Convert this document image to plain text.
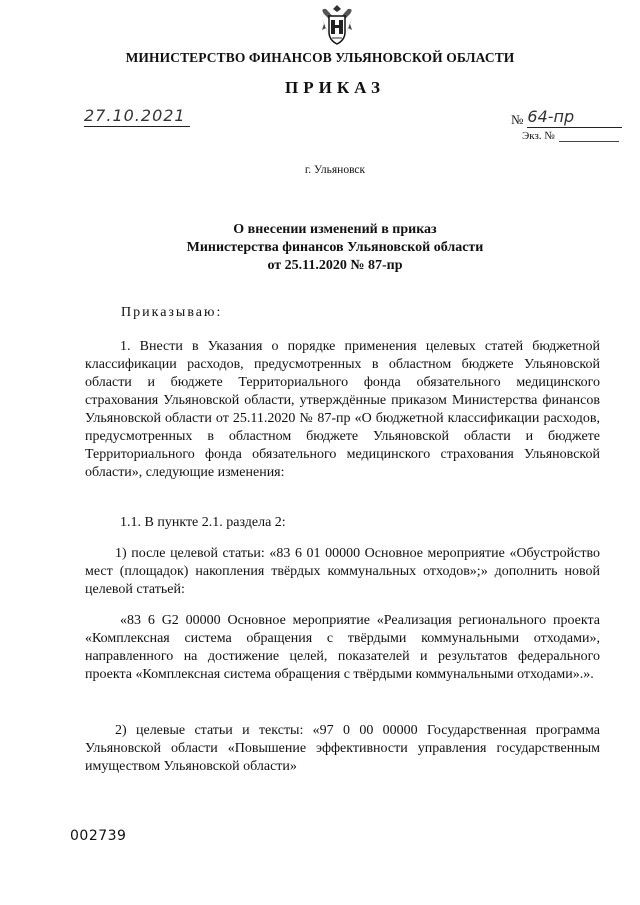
МИНИСТЕРСТВО ФИНАНСОВ УЛЬЯНОВСКОЙ ОБЛАСТИ
ПРИКАЗ
27.10.2021	№ 64-пр
Экз. №
г. Ульяновск
О внесении изменений в приказ
Министерства финансов Ульяновской области
от 25.11.2020 № 87-пр
Приказываю:
1. Внести в Указания о порядке применения целевых статей бюджетной классификации расходов, предусмотренных в областном бюджете Ульяновской области и бюджете Территориального фонда обязательного медицинского страхования Ульяновской области, утверждённые приказом Министерства финансов Ульяновской области от 25.11.2020 № 87-пр «О бюджетной классификации расходов, предусмотренных в областном бюджете Ульяновской области и бюджете Территориального фонда обязательного медицинского страхования Ульяновской области», следующие изменения:
1.1. В пункте 2.1. раздела 2:
1) после целевой статьи: «83 6 01 00000 Основное мероприятие «Обустройство мест (площадок) накопления твёрдых коммунальных отходов»;» дополнить новой целевой статьей:
«83 6 G2 00000 Основное мероприятие «Реализация регионального проекта «Комплексная система обращения с твёрдыми коммунальными отходами», направленного на достижение целей, показателей и результатов федерального проекта «Комплексная система обращения с твёрдыми коммунальными отходами».».
2) целевые статьи и тексты: «97 0 00 00000 Государственная программа Ульяновской области «Повышение эффективности управления государственным имуществом Ульяновской области»
002739
